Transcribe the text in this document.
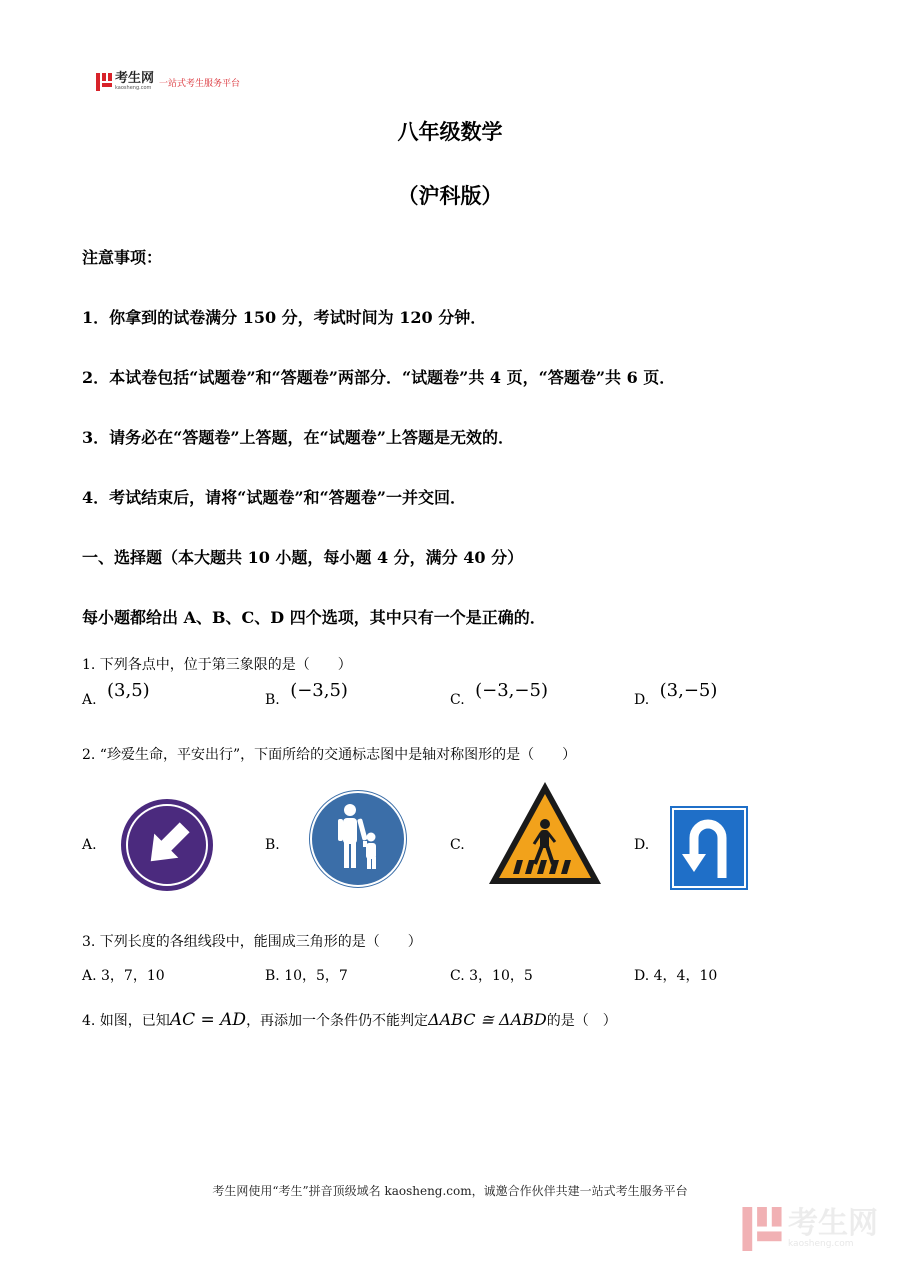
考生网
kaosheng.com 一站式考生服务平台
八年级数学
（沪科版）
注意事项：
1．你拿到的试卷满分 150 分，考试时间为 120 分钟．
2．本试卷包括“试题卷”和“答题卷”两部分．“试题卷”共 4 页，“答题卷”共 6 页．
3．请务必在“答题卷”上答题，在“试题卷”上答题是无效的．
4．考试结束后，请将“试题卷”和“答题卷”一并交回．
一、选择题（本大题共 10 小题，每小题 4 分，满分 40 分）
每小题都给出 A、B、C、D 四个选项，其中只有一个是正确的．
1. 下列各点中，位于第三象限的是（　　）
A. (3,5)	B. (−3,5)	C. (−3,−5)	D. (3,−5)
2. “珍爱生命，平安出行”，下面所给的交通标志图中是轴对称图形的是（　　）
A.	B.	C.	D.
3. 下列长度的各组线段中，能围成三角形的是（　　）
A. 3，7，10	B. 10，5，7	C. 3，10，5	D. 4，4，10
4. 如图，已知AC = AD，再添加一个条件仍不能判定ΔABC ≅ ΔABD的是（　）
考生网使用“考生”拼音顶级域名 kaosheng.com，诚邀合作伙伴共建一站式考生服务平台
考生网
kaosheng.com
